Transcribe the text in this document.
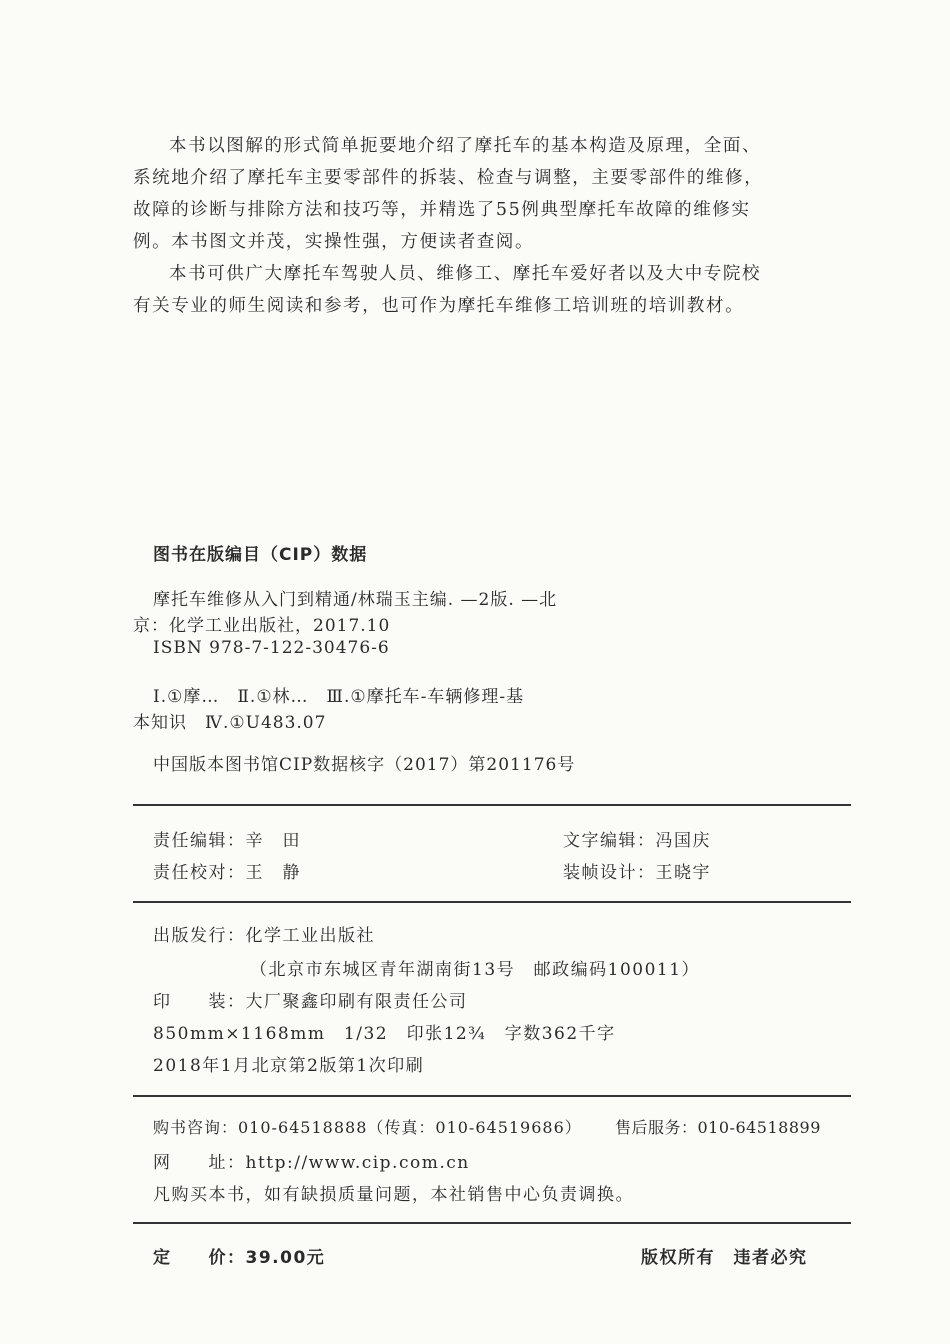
本书以图解的形式简单扼要地介绍了摩托车的基本构造及原理，全面、
系统地介绍了摩托车主要零部件的拆装、检查与调整，主要零部件的维修，
故障的诊断与排除方法和技巧等，并精选了55例典型摩托车故障的维修实
例。本书图文并茂，实操性强，方便读者查阅。
本书可供广大摩托车驾驶人员、维修工、摩托车爱好者以及大中专院校
有关专业的师生阅读和参考，也可作为摩托车维修工培训班的培训教材。
图书在版编目（CIP）数据
摩托车维修从入门到精通/林瑞玉主编. —2版. —北
京：化学工业出版社，2017.10
ISBN 978-7-122-30476-6
Ⅰ.①摩…　Ⅱ.①林…　Ⅲ.①摩托车-车辆修理-基
本知识　Ⅳ.①U483.07
中国版本图书馆CIP数据核字（2017）第201176号
责任编辑：辛　田	文字编辑：冯国庆
责任校对：王　静	装帧设计：王晓宇
出版发行：化学工业出版社
（北京市东城区青年湖南街13号　邮政编码100011）
印　　装：大厂聚鑫印刷有限责任公司
850mm×1168mm　1/32　印张12¾　字数362千字
2018年1月北京第2版第1次印刷
购书咨询：010-64518888（传真：010-64519686） 售后服务：010-64518899
网　　址：http://www.cip.com.cn
凡购买本书，如有缺损质量问题，本社销售中心负责调换。
定　　价：39.00元	版权所有　违者必究
